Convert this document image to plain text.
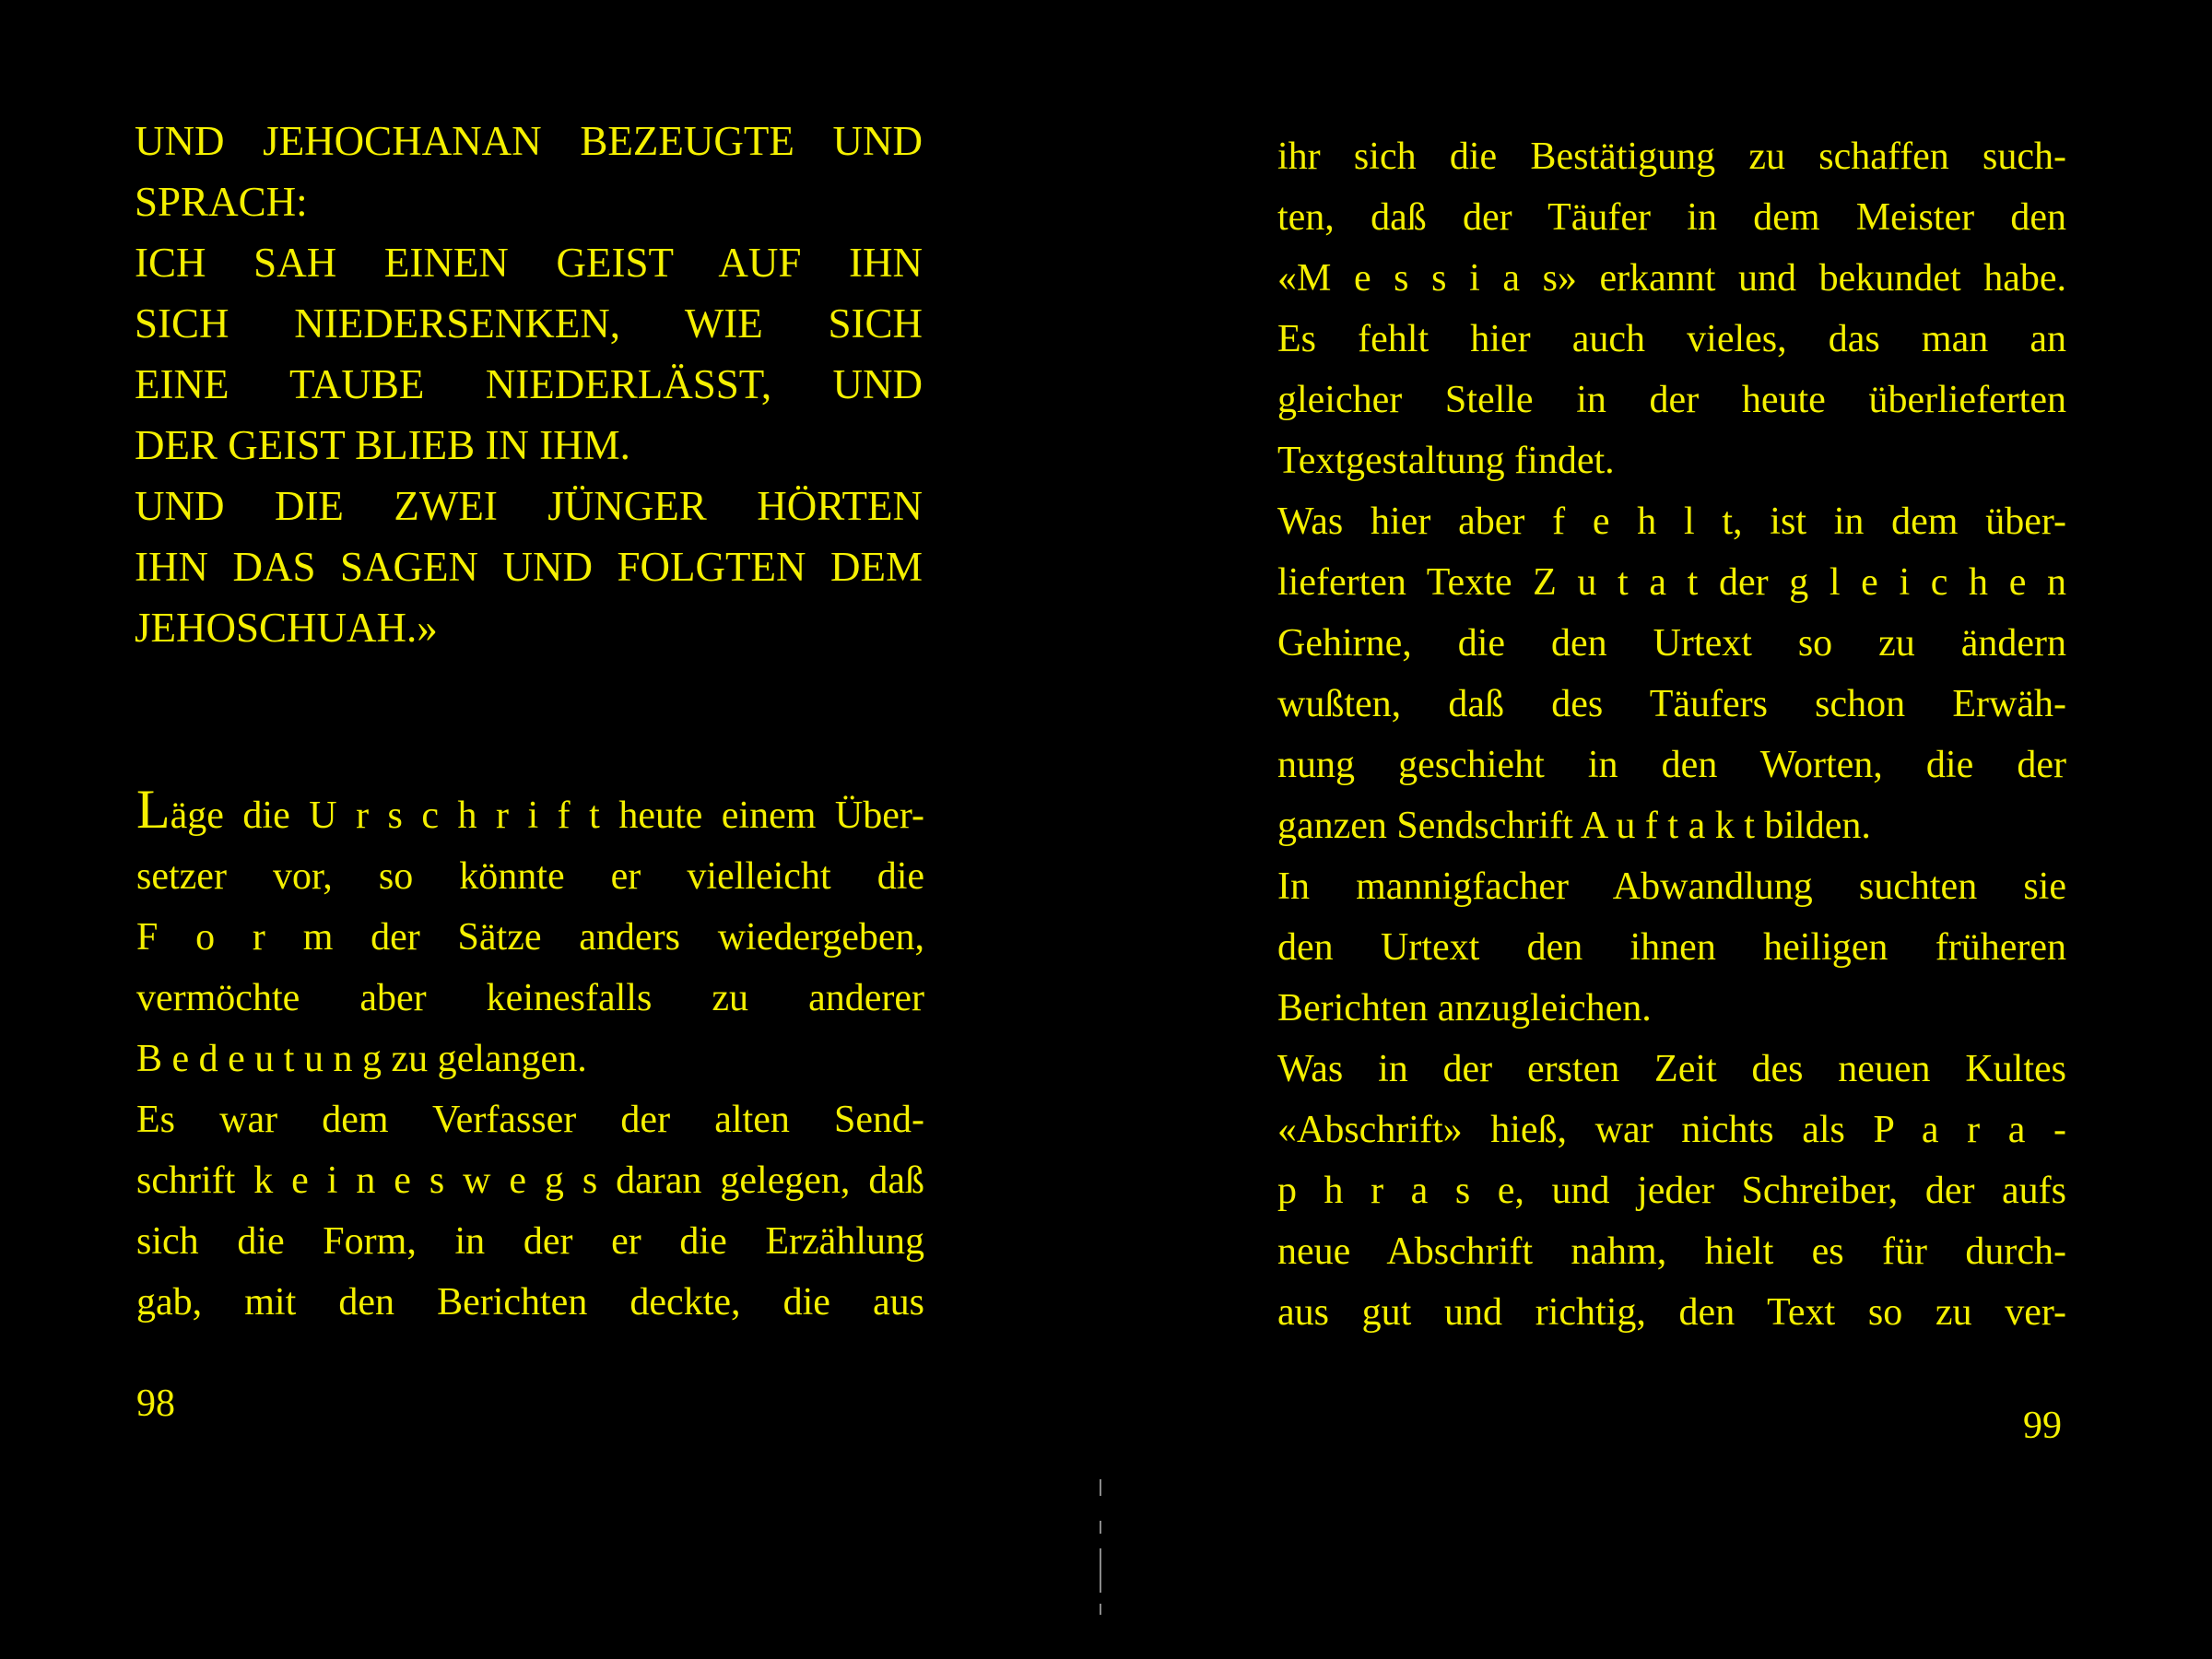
UND JEHOCHANAN BEZEUGTE UND
SPRACH:
ICH SAH EINEN GEIST AUF IHN
SICH NIEDERSENKEN, WIE SICH
EINE TAUBE NIEDERLÄSST, UND
DER GEIST BLIEB IN IHM.
UND DIE ZWEI JÜNGER HÖRTEN
IHN DAS SAGEN UND FOLGTEN DEM
JEHOSCHUAH.»
Läge die U r s c h r i f t heute einem Über-
setzer vor, so könnte er vielleicht die
F o r m der Sätze anders wiedergeben,
vermöchte aber keinesfalls zu anderer
B e d e u t u n g zu gelangen.
Es war dem Verfasser der alten Send-
schrift k e i n e s w e g s daran gelegen, daß
sich die Form, in der er die Erzählung
gab, mit den Berichten deckte, die aus
98
ihr sich die Bestätigung zu schaffen such-
ten, daß der Täufer in dem Meister den
«M e s s i a s» erkannt und bekundet habe.
Es fehlt hier auch vieles, das man an
gleicher Stelle in der heute überlieferten
Textgestaltung findet.
Was hier aber f e h l t, ist in dem über-
lieferten Texte Z u t a t der g l e i c h e n
Gehirne, die den Urtext so zu ändern
wußten, daß des Täufers schon Erwäh-
nung geschieht in den Worten, die der
ganzen Sendschrift A u f t a k t bilden.
In mannigfacher Abwandlung suchten sie
den Urtext den ihnen heiligen früheren
Berichten anzugleichen.
Was in der ersten Zeit des neuen Kultes
«Abschrift» hieß, war nichts als P a r a -
p h r a s e, und jeder Schreiber, der aufs
neue Abschrift nahm, hielt es für durch-
aus gut und richtig, den Text so zu ver-
99
